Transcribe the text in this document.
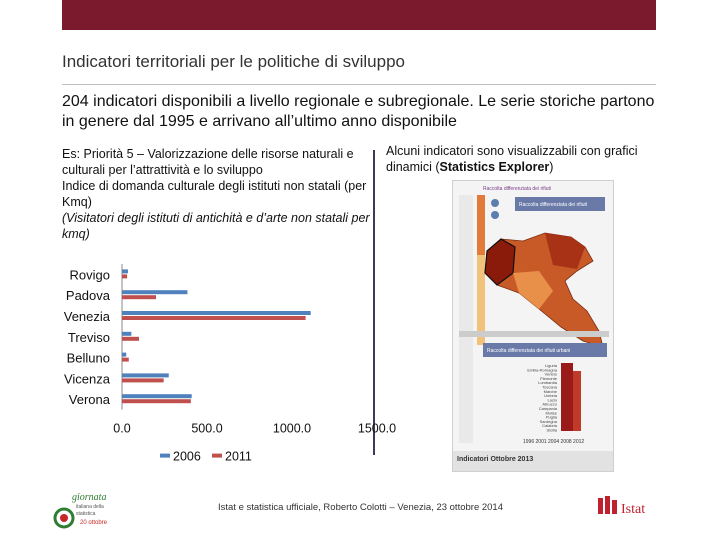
Indicatori territoriali per le politiche di sviluppo
204 indicatori disponibili a livello regionale e subregionale. Le serie storiche partono in genere dal 1995 e arrivano all’ultimo anno disponibile
Es: Priorità 5 – Valorizzazione delle risorse naturali e culturali per l’attrattività e lo sviluppo
Indice di domanda culturale degli istituti non statali (per Kmq)
(Visitatori degli istituti di antichità e d’arte non statali per kmq)
Alcuni indicatori sono visualizzabili con grafici dinamici (Statistics Explorer)
Rovigo
Padova
Venezia
Treviso
Belluno
Vicenza
Verona
0.0	500.0	1000.0	1500.0
2006 2011
Raccolta differenziata dei rifiuti
Raccolta differenziata dei rifiuti
Raccolta differenziata dei rifiuti urbani
Liguria
Emilia-Romagna
Veneto
Piemonte
Lombardia
Toscana
Marche
Umbria
Lazio
Abruzzo
Campania
Molise
Puglia
Sardegna
Calabria
Sicilia
1996 2001 2004 2008 2012
Indicatori Ottobre 2013
giornata
italiana della
statistica
20 ottobre
Istat e statistica ufficiale, Roberto Colotti – Venezia, 23 ottobre 2014	Istat
